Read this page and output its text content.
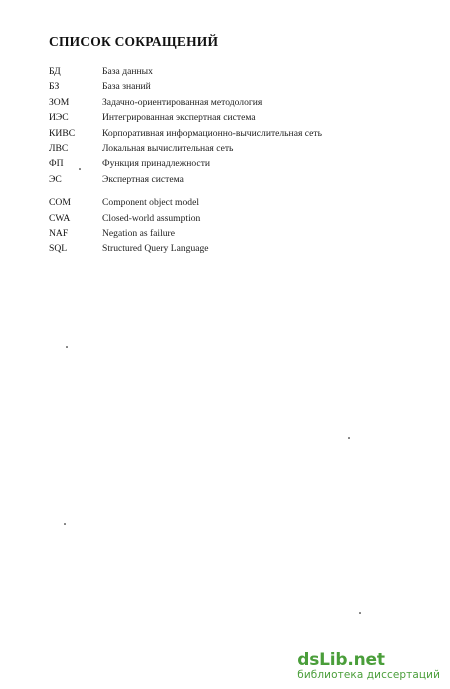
СПИСОК СОКРАЩЕНИЙ
БД	База данных
БЗ	База знаний
ЗОМ	Задачно-ориентированная методология
ИЭС	Интегрированная экспертная система
КИВС	Корпоративная информационно-вычислительная сеть
ЛВС	Локальная вычислительная сеть
ФП	Функция принадлежности
ЭС	Экспертная система
COM	Component object model
CWA	Closed-world assumption
NAF	Negation as failure
SQL	Structured Query Language
dsLib.net
библиотека диссертаций
